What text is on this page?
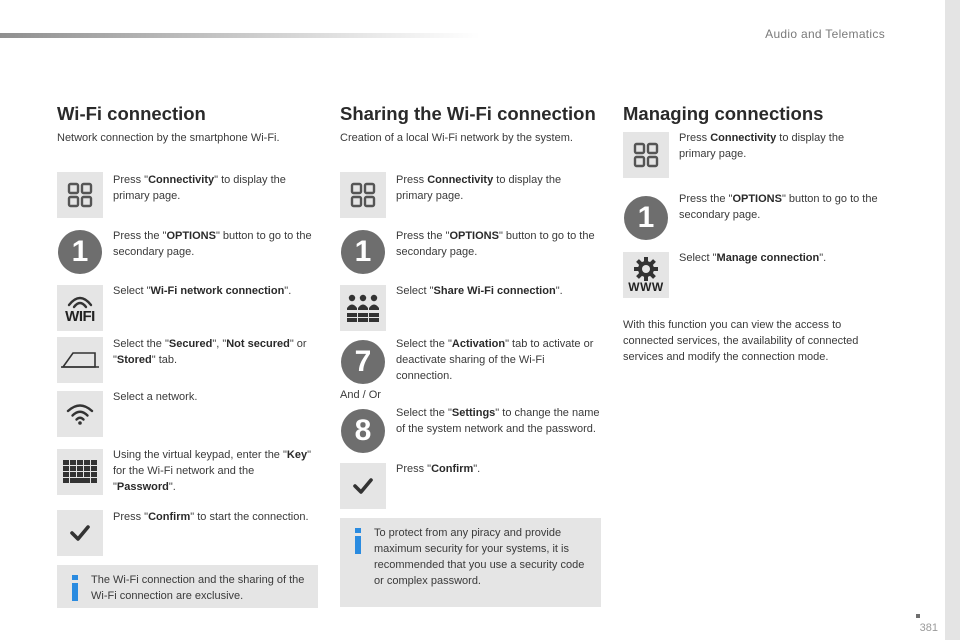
Audio and Telematics
Wi-Fi connection
Network connection by the smartphone Wi-Fi.
Press "Connectivity" to display the primary page.
1	Press the "OPTIONS" button to go to the secondary page.
WIFI
Select "Wi-Fi network connection".
Select the "Secured", "Not secured" or "Stored" tab.
Select a network.
Using the virtual keypad, enter the "Key" for the Wi-Fi network and the "Password".
Press "Confirm" to start the connection.
The Wi-Fi connection and the sharing of the Wi-Fi connection are exclusive.
Sharing the Wi-Fi connection
Creation of a local Wi-Fi network by the system.
Press Connectivity to display the primary page.
1	Press the "OPTIONS" button to go to the secondary page.
Select "Share Wi-Fi connection".
7
Select the "Activation" tab to activate or deactivate sharing of the Wi-Fi connection.
And / Or
8
Select the "Settings" to change the name of the system network and the password.
Press "Confirm".
To protect from any piracy and provide maximum security for your systems, it is recommended that you use a security code or complex password.
Managing connections
Press Connectivity to display the primary page.
1
Press the "OPTIONS" button to go to the secondary page.
WWW
Select "Manage connection".
With this function you can view the access to connected services, the availability of connected services and modify the connection mode.
381
